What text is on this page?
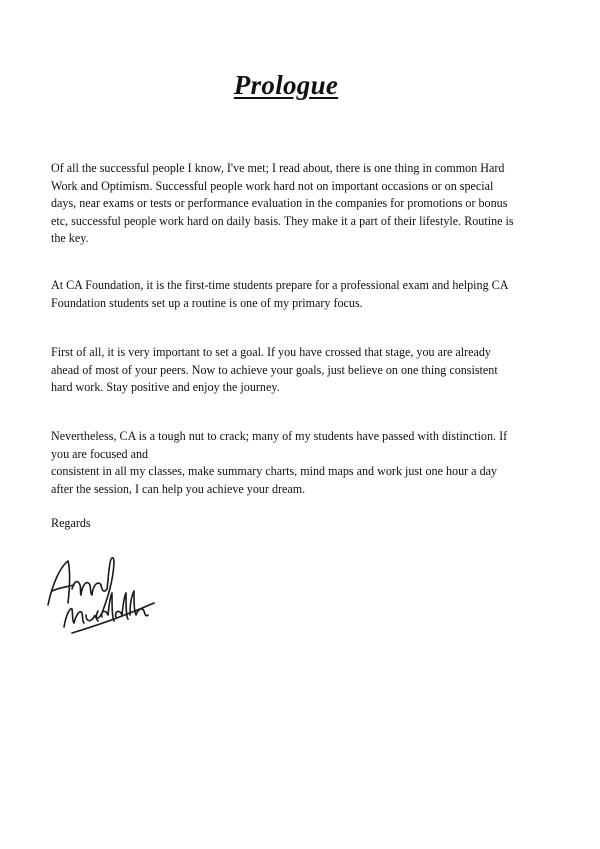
Prologue

Of all the successful people I know, I've met; I read about, there is one thing in common Hard
Work and Optimism. Successful people work hard not on important occasions or on special
days, near exams or tests or performance evaluation in the companies for promotions or bonus
etc, successful people work hard on daily basis. They make it a part of their lifestyle. Routine is
the key.

At CA Foundation, it is the first-time students prepare for a professional exam and helping CA
Foundation students set up a routine is one of my primary focus.

First of all, it is very important to set a goal. If you have crossed that stage, you are already
ahead of most of your peers. Now to achieve your goals, just believe on one thing consistent
hard work. Stay positive and enjoy the journey.

Nevertheless, CA is a tough nut to crack; many of my students have passed with distinction. If
you are focused and
consistent in all my classes, make summary charts, mind maps and work just one hour a day
after the session, I can help you achieve your dream.

Regards
